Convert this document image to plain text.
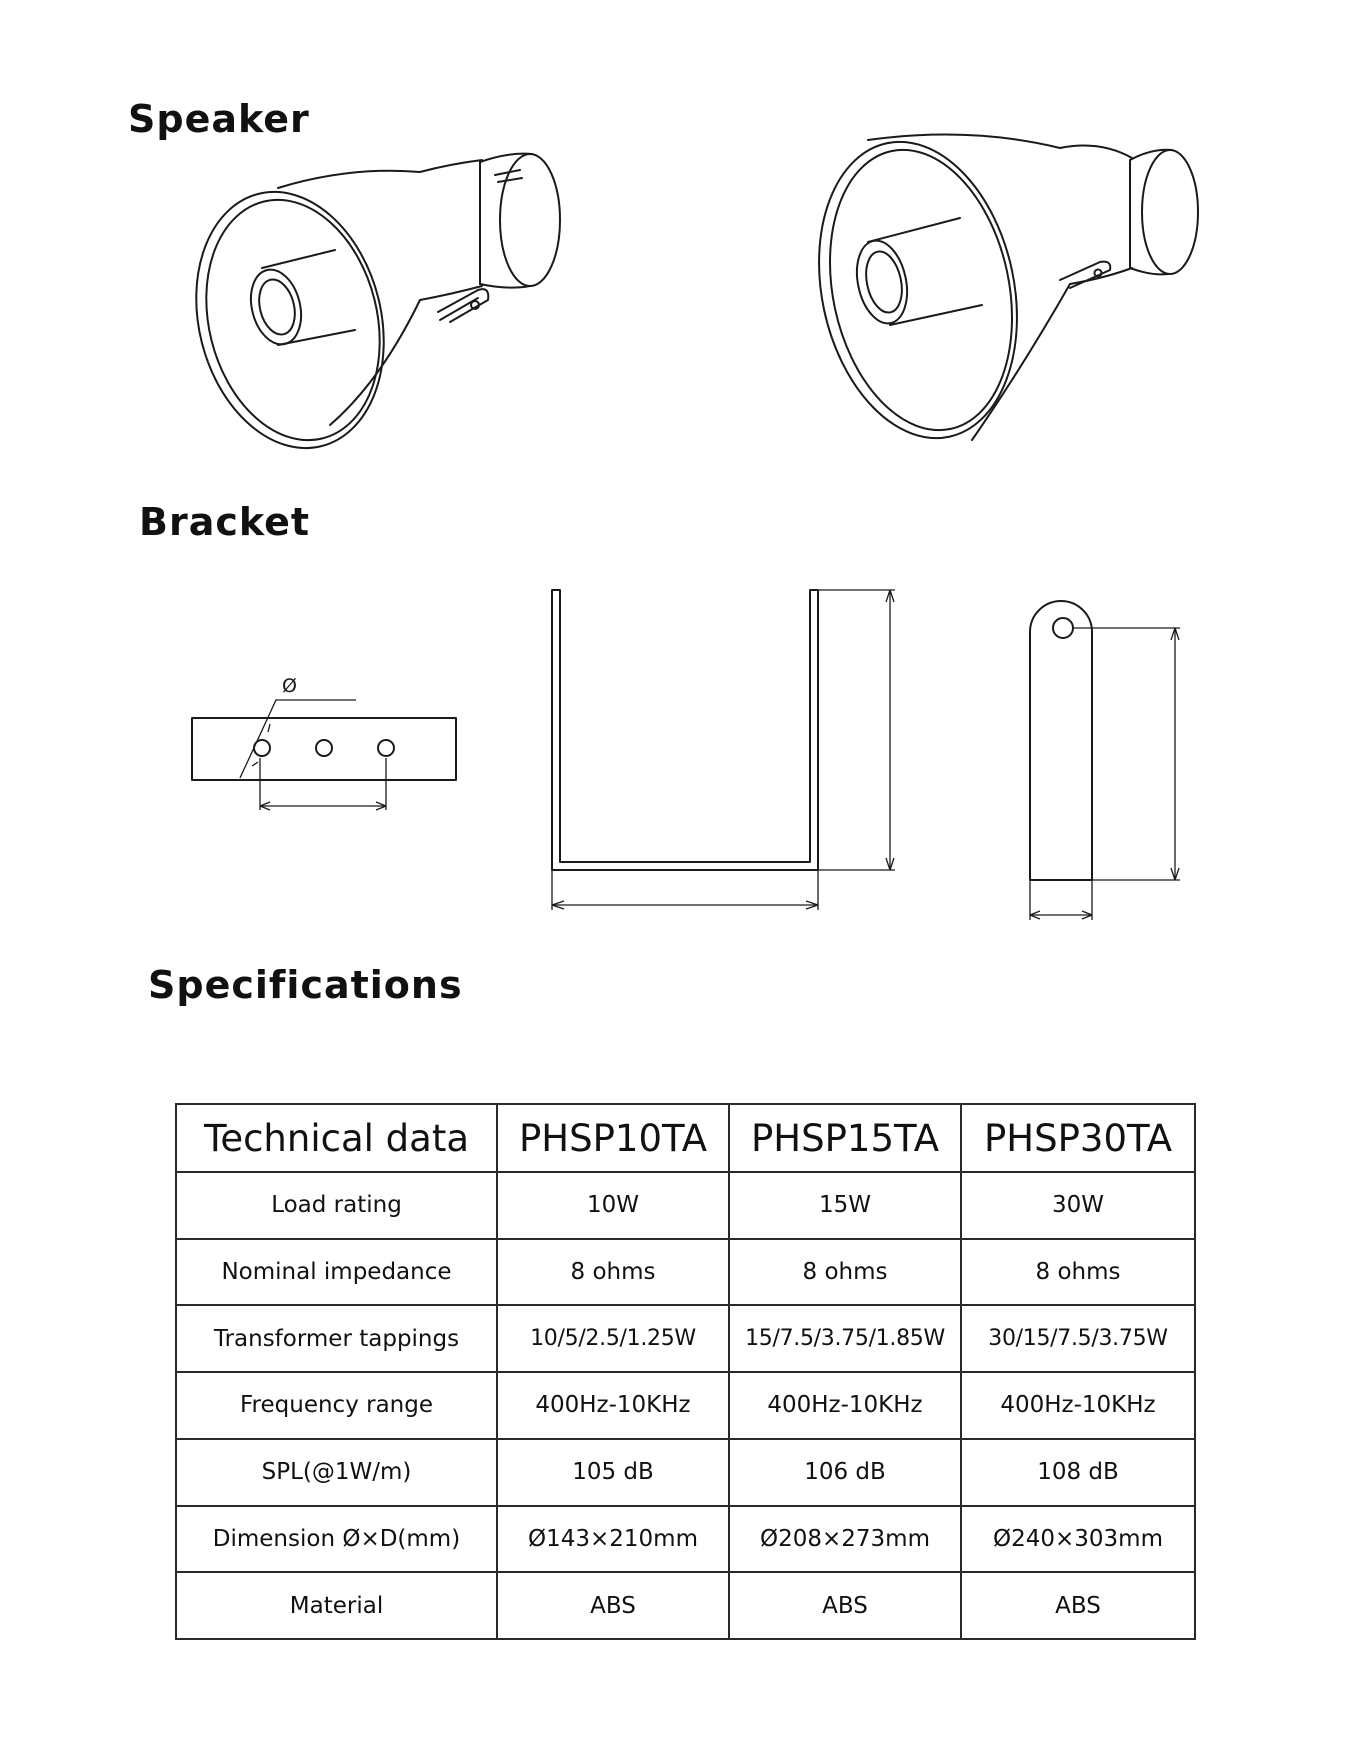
Speaker
Bracket
Ø
Specifications
Technical data	PHSP10TA	PHSP15TA	PHSP30TA
Load rating	10W	15W	30W
Nominal impedance	8 ohms	8 ohms	8 ohms
Transformer tappings	10/5/2.5/1.25W	15/7.5/3.75/1.85W	30/15/7.5/3.75W
Frequency range	400Hz-10KHz	400Hz-10KHz	400Hz-10KHz
SPL(@1W/m)	105 dB	106 dB	108 dB
Dimension Ø×D(mm)	Ø143×210mm	Ø208×273mm	Ø240×303mm
Material	ABS	ABS	ABS
